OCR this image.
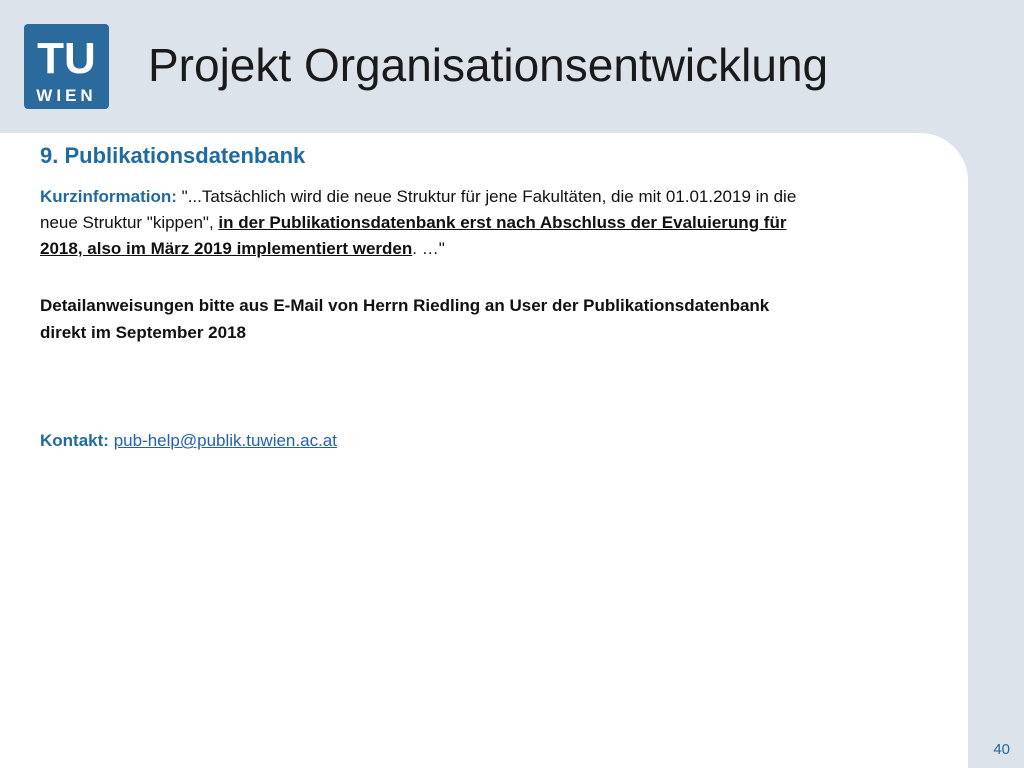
TU
WIEN
Projekt Organisationsentwicklung
9. Publikationsdatenbank

Kurzinformation: "...Tatsächlich wird die neue Struktur für jene Fakultäten, die mit 01.01.2019 in die neue Struktur "kippen", in der Publikationsdatenbank erst nach Abschluss der Evaluierung für 2018, also im März 2019 implementiert werden. …"

Detailanweisungen bitte aus E-Mail von Herrn Riedling an User der Publikationsdatenbank direkt im September 2018

Kontakt: pub-help@publik.tuwien.ac.at

40
